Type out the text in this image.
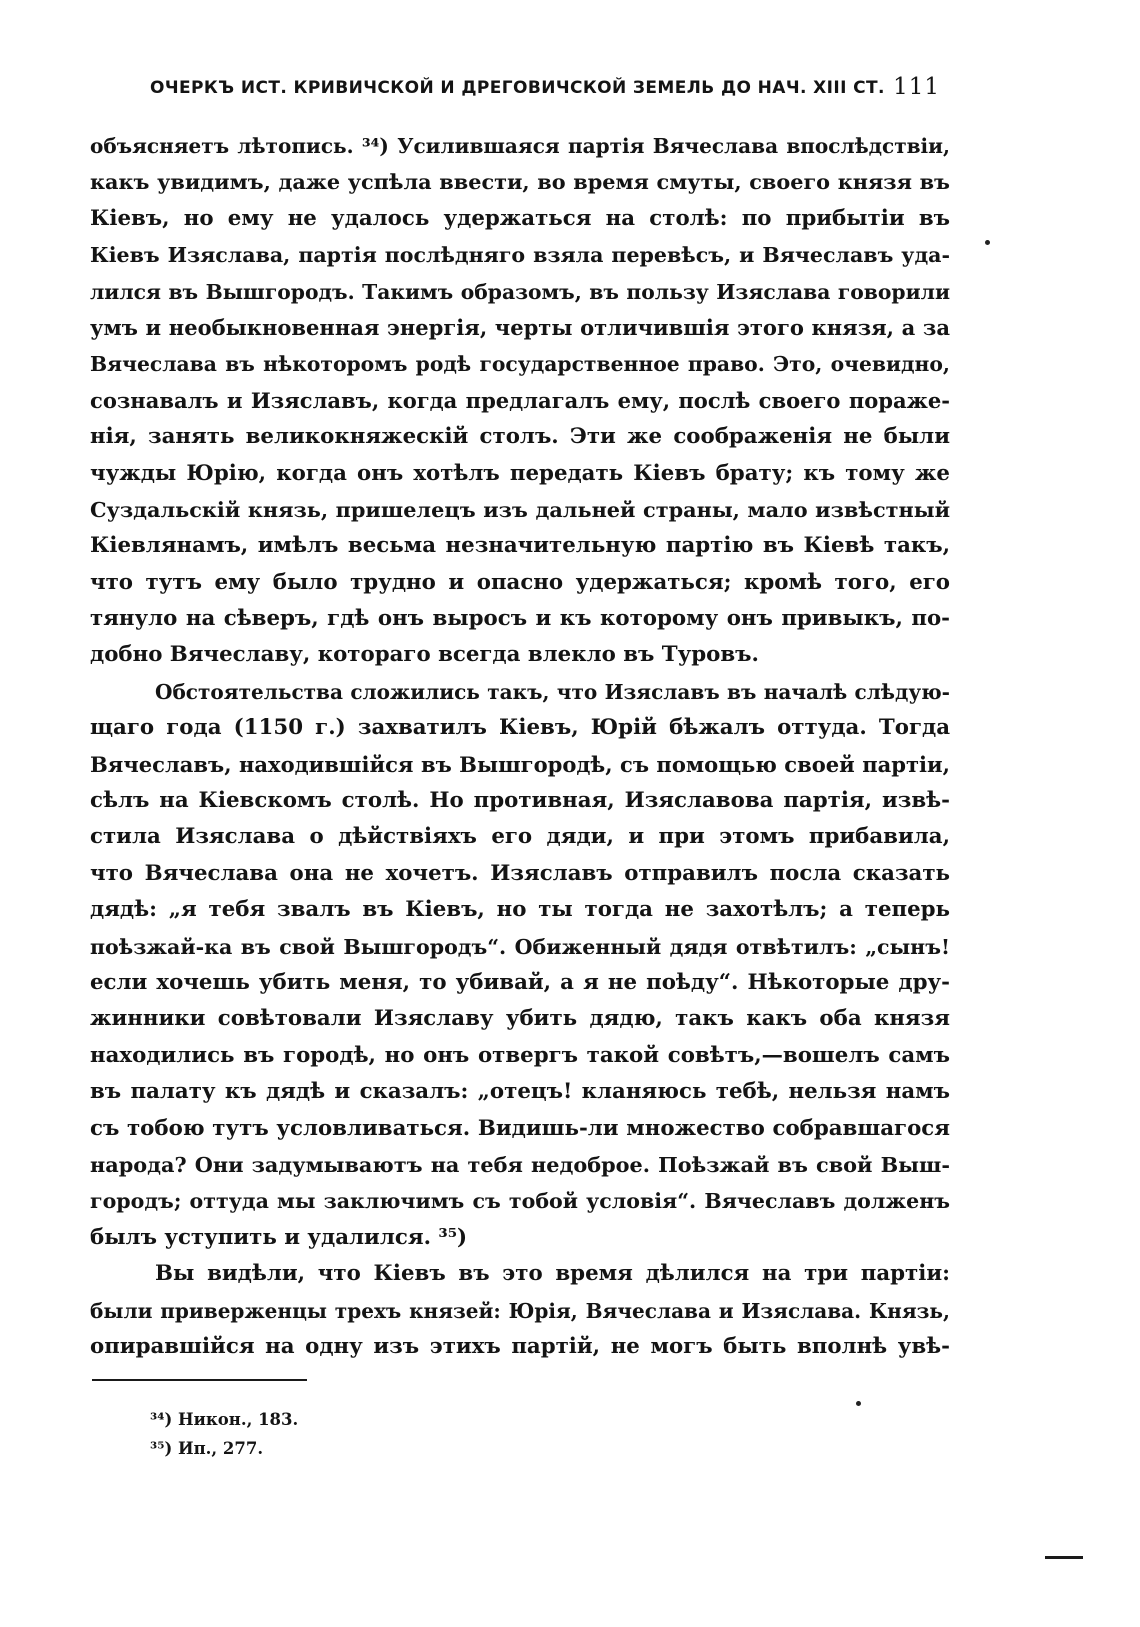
ОЧЕРКЪ ИСТ. КРИВИЧСКОЙ И ДРЕГОВИЧСКОЙ ЗЕМЕЛЬ ДО НАЧ. XIII СТ. 111
объясняетъ лѣтопись. ³⁴) Усилившаяся партія Вячеслава впослѣдствіи,
какъ увидимъ, даже успѣла ввести, во время смуты, своего князя въ
Кіевъ, но ему не удалось удержаться на столѣ: по прибытіи въ
Кіевъ Изяслава, партія послѣдняго взяла перевѣсъ, и Вячеславъ уда-
лился въ Вышгородъ. Такимъ образомъ, въ пользу Изяслава говорили
умъ и необыкновенная энергія, черты отличившія этого князя, а за
Вячеслава въ нѣкоторомъ родѣ государственное право. Это, очевидно,
сознавалъ и Изяславъ, когда предлагалъ ему, послѣ своего пораже-
нія, занять великокняжескій столъ. Эти же соображенія не были
чужды Юрію, когда онъ хотѣлъ передать Кіевъ брату; къ тому же
Суздальскій князь, пришелецъ изъ дальней страны, мало извѣстный
Кіевлянамъ, имѣлъ весьма незначительную партію въ Кіевѣ такъ,
что тутъ ему было трудно и опасно удержаться; кромѣ того, его
тянуло на сѣверъ, гдѣ онъ выросъ и къ которому онъ привыкъ, по-
добно Вячеславу, котораго всегда влекло въ Туровъ.
Обстоятельства сложились такъ, что Изяславъ въ началѣ слѣдую-
щаго года (1150 г.) захватилъ Кіевъ, Юрій бѣжалъ оттуда. Тогда
Вячеславъ, находившійся въ Вышгородѣ, съ помощью своей партіи,
сѣлъ на Кіевскомъ столѣ. Но противная, Изяславова партія, извѣ-
стила Изяслава о дѣйствіяхъ его дяди, и при этомъ прибавила,
что Вячеслава она не хочетъ. Изяславъ отправилъ посла сказать
дядѣ: „я тебя звалъ въ Кіевъ, но ты тогда не захотѣлъ; а теперь
поѣзжай-ка въ свой Вышгородъ“. Обиженный дядя отвѣтилъ: „сынъ!
если хочешь убить меня, то убивай, а я не поѣду“. Нѣкоторые дру-
жинники совѣтовали Изяславу убить дядю, такъ какъ оба князя
находились въ городѣ, но онъ отвергъ такой совѣтъ,—вошелъ самъ
въ палату къ дядѣ и сказалъ: „отецъ! кланяюсь тебѣ, нельзя намъ
съ тобою тутъ условливаться. Видишь-ли множество собравшагося
народа? Они задумываютъ на тебя недоброе. Поѣзжай въ свой Выш-
городъ; оттуда мы заключимъ съ тобой условія“. Вячеславъ долженъ
былъ уступить и удалился. ³⁵)
Вы видѣли, что Кіевъ въ это время дѣлился на три партіи:
были приверженцы трехъ князей: Юрія, Вячеслава и Изяслава. Князь,
опиравшійся на одну изъ этихъ партій, не могъ быть вполнѣ увѣ-
³⁴) Никон., 183.
³⁵) Ип., 277.
